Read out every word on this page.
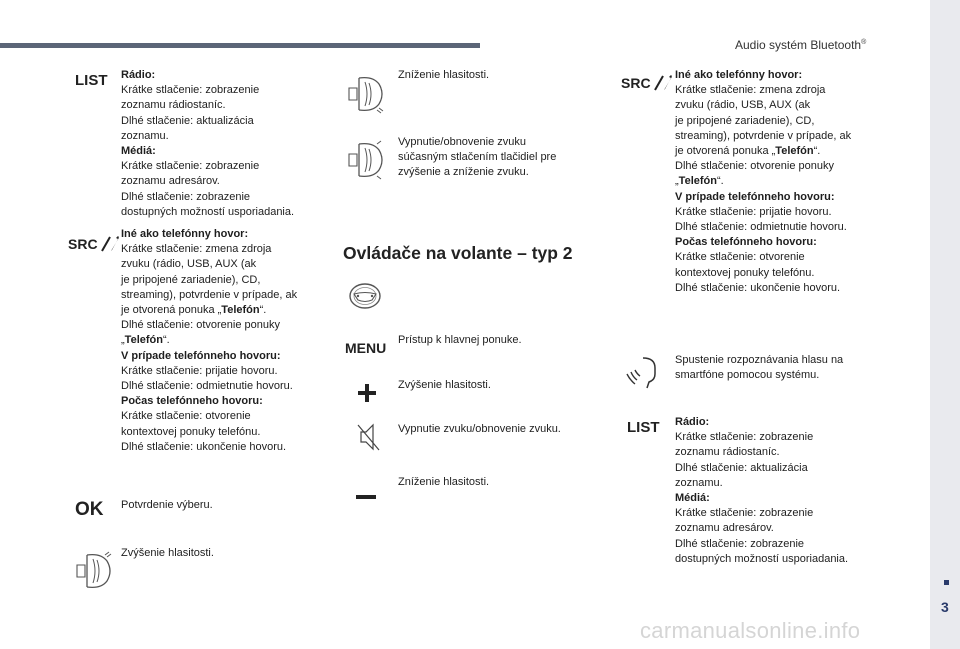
Audio systém Bluetooth®
LIST Rádio:

Krátke stlačenie: zobrazenie

zoznamu rádiostaníc.

Dlhé stlačenie: aktualizácia

zoznamu.

Médiá:

Krátke stlačenie: zobrazenie

zoznamu adresárov.

Dlhé stlačenie: zobrazenie

dostupných možností usporiadania.

SRC

Iné ako telefónny hovor:

Krátke stlačenie: zmena zdroja

zvuku (rádio, USB, AUX (ak

je pripojené zariadenie), CD,

streaming), potvrdenie v prípade, ak

je otvorená ponuka „Telefón“.

Dlhé stlačenie: otvorenie ponuky

„Telefón“.

V prípade telefónneho hovoru:

Krátke stlačenie: prijatie hovoru.

Dlhé stlačenie: odmietnutie hovoru.

Počas telefónneho hovoru:

Krátke stlačenie: otvorenie

kontextovej ponuky telefónu.

Dlhé stlačenie: ukončenie hovoru.

OK Potvrdenie výberu.

Zvýšenie hlasitosti.

Zníženie hlasitosti.

Vypnutie/obnovenie zvuku

súčasným stlačením tlačidiel pre

zvýšenie a zníženie zvuku.

Ovládače na volante – typ 2
MENU Prístup k hlavnej ponuke.

Zvýšenie hlasitosti.

Vypnutie zvuku/obnovenie zvuku.

Zníženie hlasitosti.

SRC Iné ako telefónny hovor:

Krátke stlačenie: zmena zdroja

zvuku (rádio, USB, AUX (ak

je pripojené zariadenie), CD,

streaming), potvrdenie v prípade, ak

je otvorená ponuka „Telefón“.

Dlhé stlačenie: otvorenie ponuky

„Telefón“.

V prípade telefónneho hovoru:

Krátke stlačenie: prijatie hovoru.

Dlhé stlačenie: odmietnutie hovoru.

Počas telefónneho hovoru:

Krátke stlačenie: otvorenie

kontextovej ponuky telefónu.

Dlhé stlačenie: ukončenie hovoru.

Spustenie rozpoznávania hlasu na

smartfóne pomocou systému.

LIST Rádio:

Krátke stlačenie: zobrazenie

zoznamu rádiostaníc.

Dlhé stlačenie: aktualizácia

zoznamu.

Médiá:

Krátke stlačenie: zobrazenie

zoznamu adresárov.

Dlhé stlačenie: zobrazenie

dostupných možností usporiadania.

3
carmanualsonline.info
